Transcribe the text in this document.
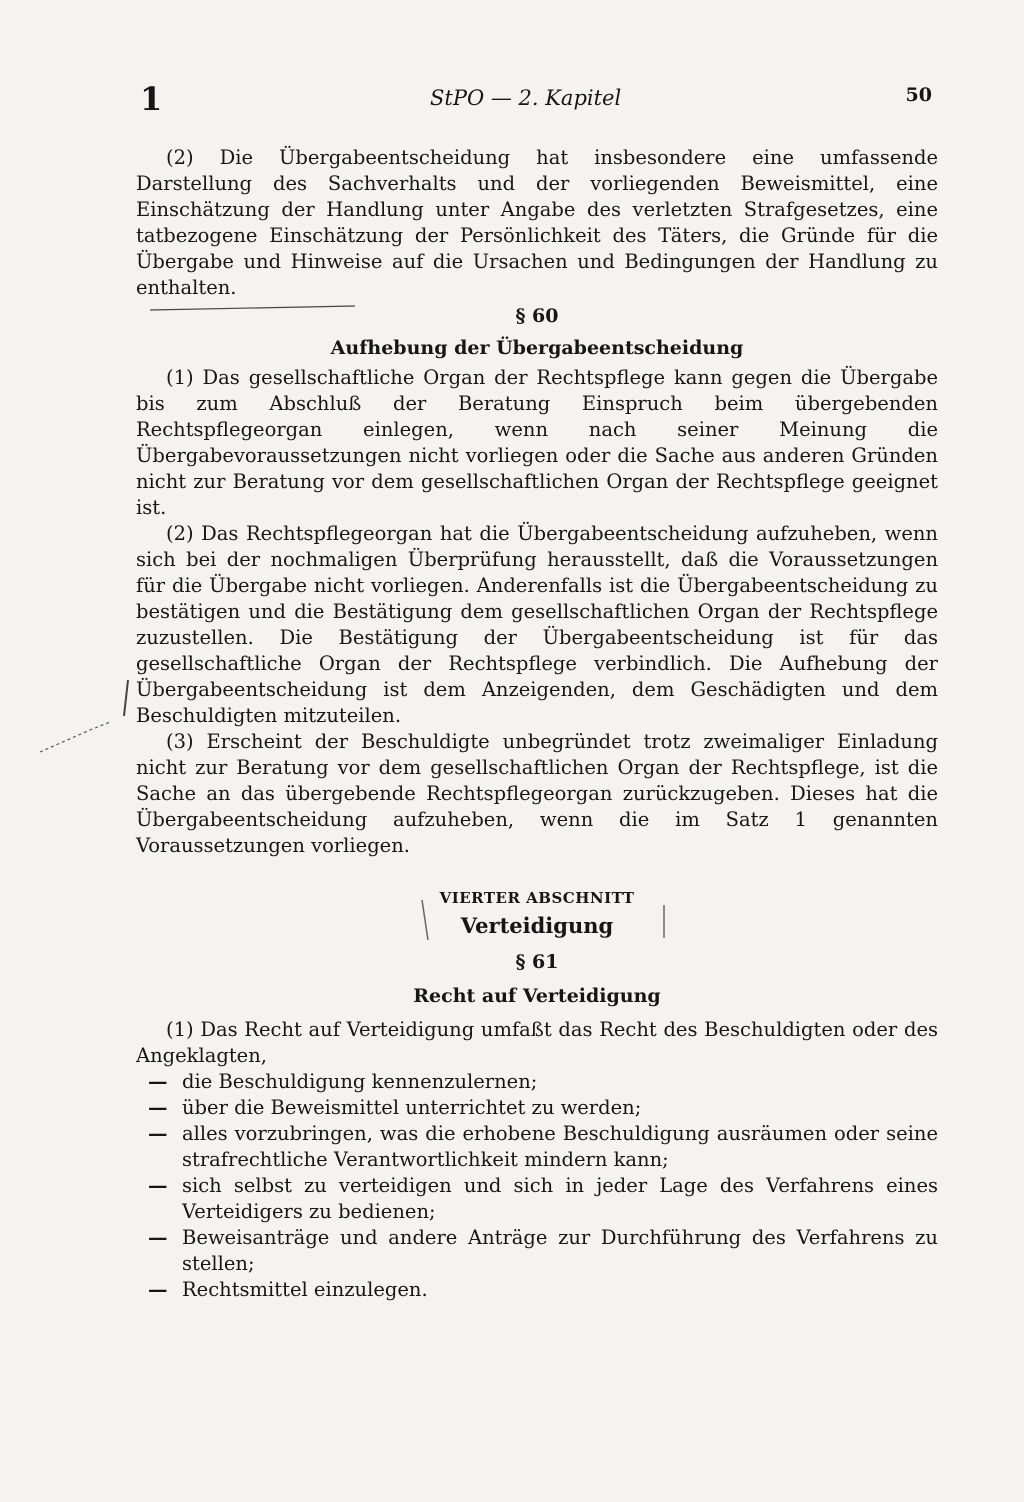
1	StPO — 2. Kapitel	50

(2) Die Übergabeentscheidung hat insbesondere eine umfassende Darstellung des Sachverhalts und der vorliegenden Beweismittel, eine Einschätzung der Handlung unter Angabe des verletzten Strafgesetzes, eine tatbezogene Einschätzung der Persönlichkeit des Täters, die Gründe für die Übergabe und Hinweise auf die Ursachen und Bedingungen der Handlung zu enthalten.

§ 60

Aufhebung der Übergabeentscheidung

(1) Das gesellschaftliche Organ der Rechtspflege kann gegen die Übergabe bis zum Abschluß der Beratung Einspruch beim übergebenden Rechtspflegeorgan einlegen, wenn nach seiner Meinung die Übergabevoraussetzungen nicht vorliegen oder die Sache aus anderen Gründen nicht zur Beratung vor dem gesellschaftlichen Organ der Rechtspflege geeignet ist.

(2) Das Rechtspflegeorgan hat die Übergabeentscheidung aufzuheben, wenn sich bei der nochmaligen Überprüfung herausstellt, daß die Voraussetzungen für die Übergabe nicht vorliegen. Anderenfalls ist die Übergabeentscheidung zu bestätigen und die Bestätigung dem gesellschaftlichen Organ der Rechtspflege zuzustellen. Die Bestätigung der Übergabeentscheidung ist für das gesellschaftliche Organ der Rechtspflege verbindlich. Die Aufhebung der Übergabeentscheidung ist dem Anzeigenden, dem Geschädigten und dem Beschuldigten mitzuteilen.

(3) Erscheint der Beschuldigte unbegründet trotz zweimaliger Einladung nicht zur Beratung vor dem gesellschaftlichen Organ der Rechtspflege, ist die Sache an das übergebende Rechtspflegeorgan zurückzugeben. Dieses hat die Übergabeentscheidung aufzuheben, wenn die im Satz 1 genannten Voraussetzungen vorliegen.

VIERTER ABSCHNITT

Verteidigung

§ 61

Recht auf Verteidigung

(1) Das Recht auf Verteidigung umfaßt das Recht des Beschuldigten oder des Angeklagten,

— die Beschuldigung kennenzulernen;
— über die Beweismittel unterrichtet zu werden;
— alles vorzubringen, was die erhobene Beschuldigung ausräumen oder seine strafrechtliche Verantwortlichkeit mindern kann;
— sich selbst zu verteidigen und sich in jeder Lage des Verfahrens eines Verteidigers zu bedienen;
— Beweisanträge und andere Anträge zur Durchführung des Verfahrens zu stellen;
— Rechtsmittel einzulegen.
